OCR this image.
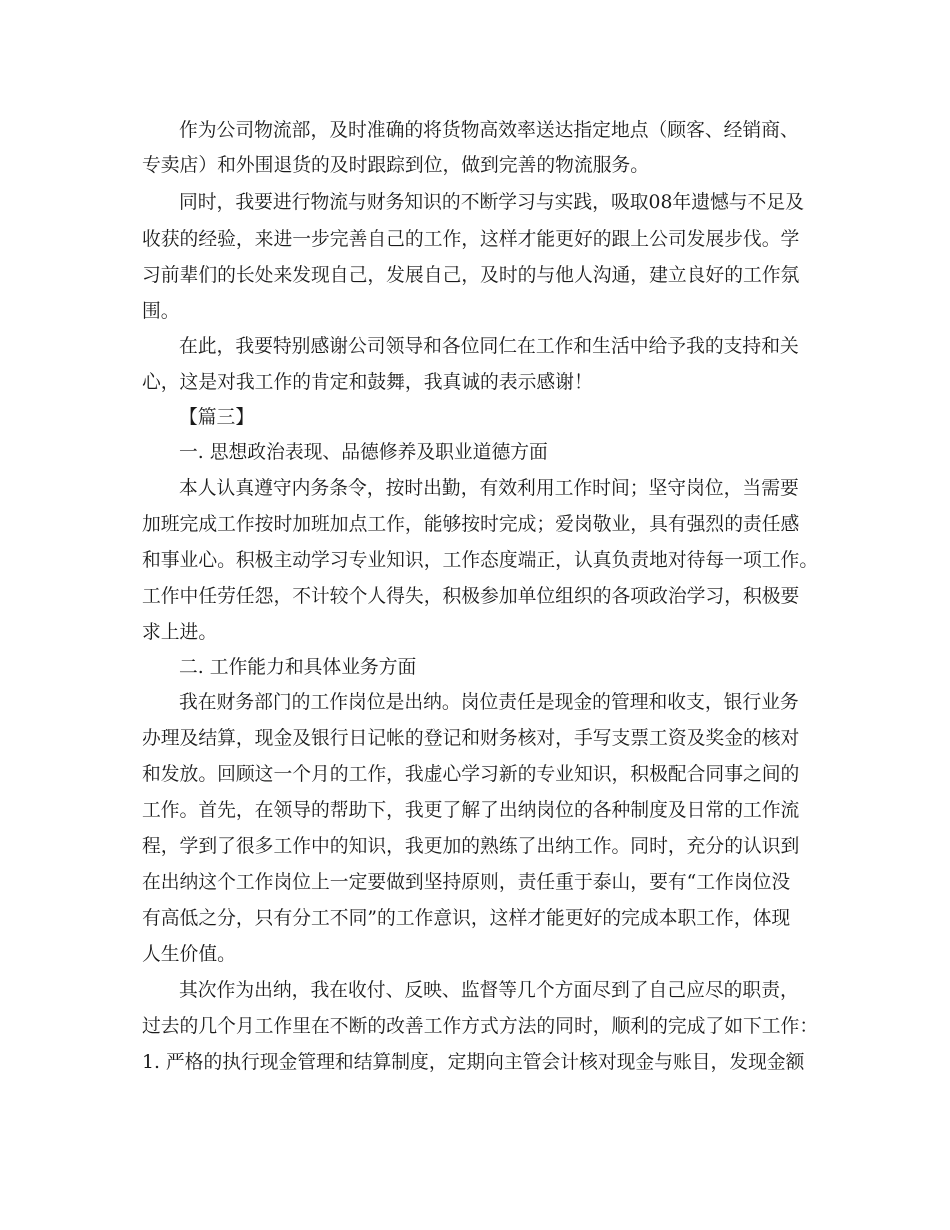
作为公司物流部，及时准确的将货物高效率送达指定地点（顾客、经销商、

专卖店）和外围退货的及时跟踪到位，做到完善的物流服务。

同时，我要进行物流与财务知识的不断学习与实践，吸取08年遗憾与不足及

收获的经验，来进一步完善自己的工作，这样才能更好的跟上公司发展步伐。学

习前辈们的长处来发现自己，发展自己，及时的与他人沟通，建立良好的工作氛

围。

在此，我要特别感谢公司领导和各位同仁在工作和生活中给予我的支持和关

心，这是对我工作的肯定和鼓舞，我真诚的表示感谢！

【篇三】

一. 思想政治表现、品德修养及职业道德方面

本人认真遵守内务条令，按时出勤，有效利用工作时间；坚守岗位，当需要

加班完成工作按时加班加点工作，能够按时完成；爱岗敬业，具有强烈的责任感

和事业心。积极主动学习专业知识，工作态度端正，认真负责地对待每一项工作。

工作中任劳任怨，不计较个人得失，积极参加单位组织的各项政治学习，积极要

求上进。

二. 工作能力和具体业务方面

我在财务部门的工作岗位是出纳。岗位责任是现金的管理和收支，银行业务

办理及结算，现金及银行日记帐的登记和财务核对，手写支票工资及奖金的核对

和发放。回顾这一个月的工作，我虚心学习新的专业知识，积极配合同事之间的

工作。首先，在领导的帮助下，我更了解了出纳岗位的各种制度及日常的工作流

程，学到了很多工作中的知识，我更加的熟练了出纳工作。同时，充分的认识到

在出纳这个工作岗位上一定要做到坚持原则，责任重于泰山，要有“工作岗位没

有高低之分，只有分工不同”的工作意识，这样才能更好的完成本职工作，体现

人生价值。

其次作为出纳，我在收付、反映、监督等几个方面尽到了自己应尽的职责，

过去的几个月工作里在不断的改善工作方式方法的同时，顺利的完成了如下工作：

1. 严格的执行现金管理和结算制度，定期向主管会计核对现金与账目，发现金额
